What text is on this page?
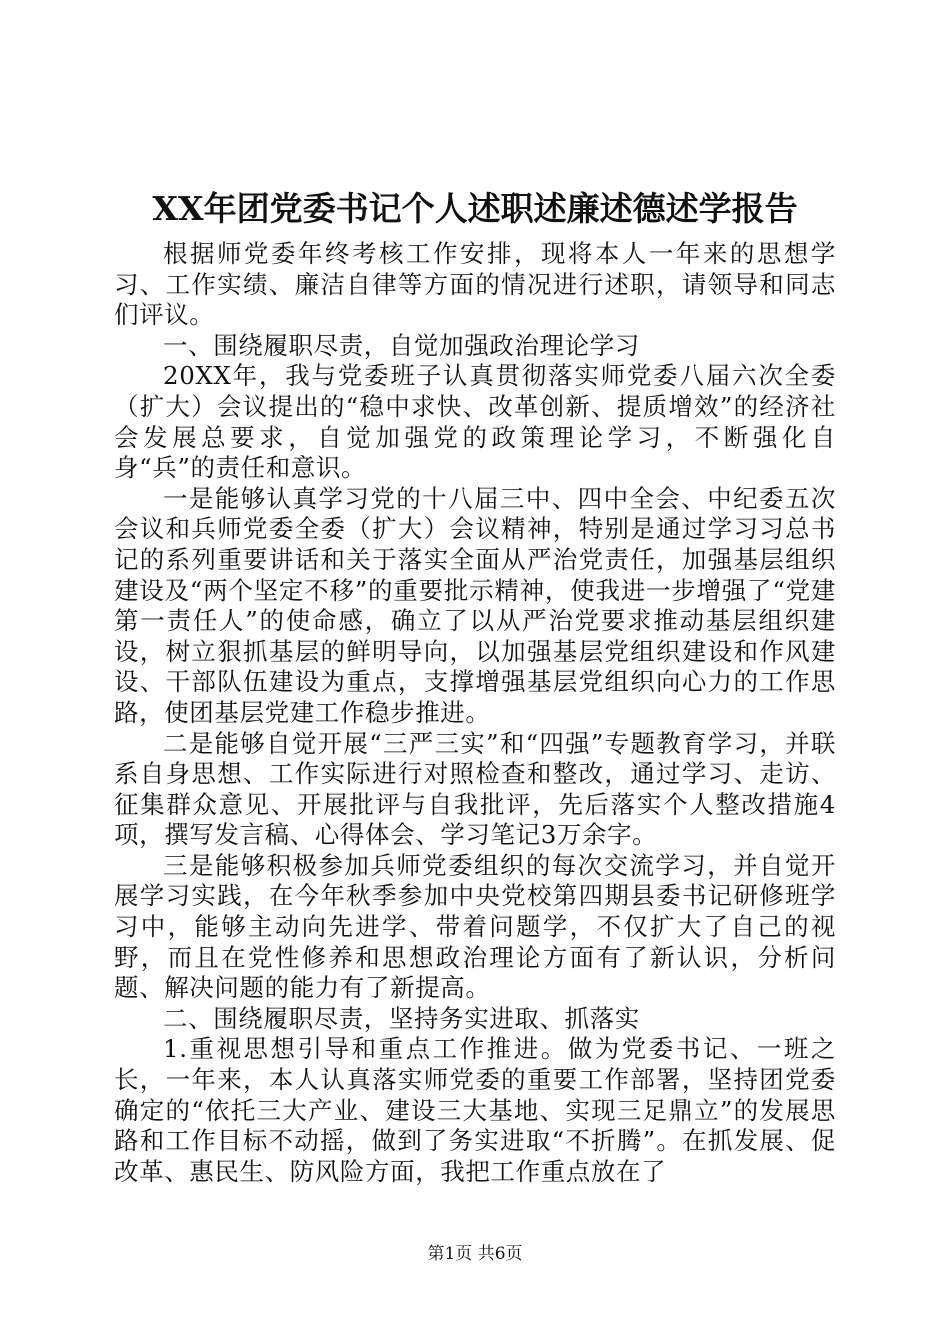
XX年团党委书记个人述职述廉述德述学报告

根据师党委年终考核工作安排，现将本人一年来的思想学习、工作实绩、廉洁自律等方面的情况进行述职，请领导和同志们评议。

一、围绕履职尽责，自觉加强政治理论学习

20XX年，我与党委班子认真贯彻落实师党委八届六次全委（扩大）会议提出的“稳中求快、改革创新、提质增效”的经济社会发展总要求，自觉加强党的政策理论学习，不断强化自身“兵”的责任和意识。

一是能够认真学习党的十八届三中、四中全会、中纪委五次会议和兵师党委全委（扩大）会议精神，特别是通过学习习总书记的系列重要讲话和关于落实全面从严治党责任，加强基层组织建设及“两个坚定不移”的重要批示精神，使我进一步增强了“党建第一责任人”的使命感，确立了以从严治党要求推动基层组织建设，树立狠抓基层的鲜明导向，以加强基层党组织建设和作风建设、干部队伍建设为重点，支撑增强基层党组织向心力的工作思路，使团基层党建工作稳步推进。

二是能够自觉开展“三严三实”和“四强”专题教育学习，并联系自身思想、工作实际进行对照检查和整改，通过学习、走访、征集群众意见、开展批评与自我批评，先后落实个人整改措施4项，撰写发言稿、心得体会、学习笔记3万余字。

三是能够积极参加兵师党委组织的每次交流学习，并自觉开展学习实践，在今年秋季参加中央党校第四期县委书记研修班学习中，能够主动向先进学、带着问题学，不仅扩大了自己的视野，而且在党性修养和思想政治理论方面有了新认识，分析问题、解决问题的能力有了新提高。

二、围绕履职尽责，坚持务实进取、抓落实

1.重视思想引导和重点工作推进。做为党委书记、一班之长，一年来，本人认真落实师党委的重要工作部署，坚持团党委确定的“依托三大产业、建设三大基地、实现三足鼎立”的发展思路和工作目标不动摇，做到了务实进取“不折腾”。在抓发展、促改革、惠民生、防风险方面，我把工作重点放在了

第1页 共6页
